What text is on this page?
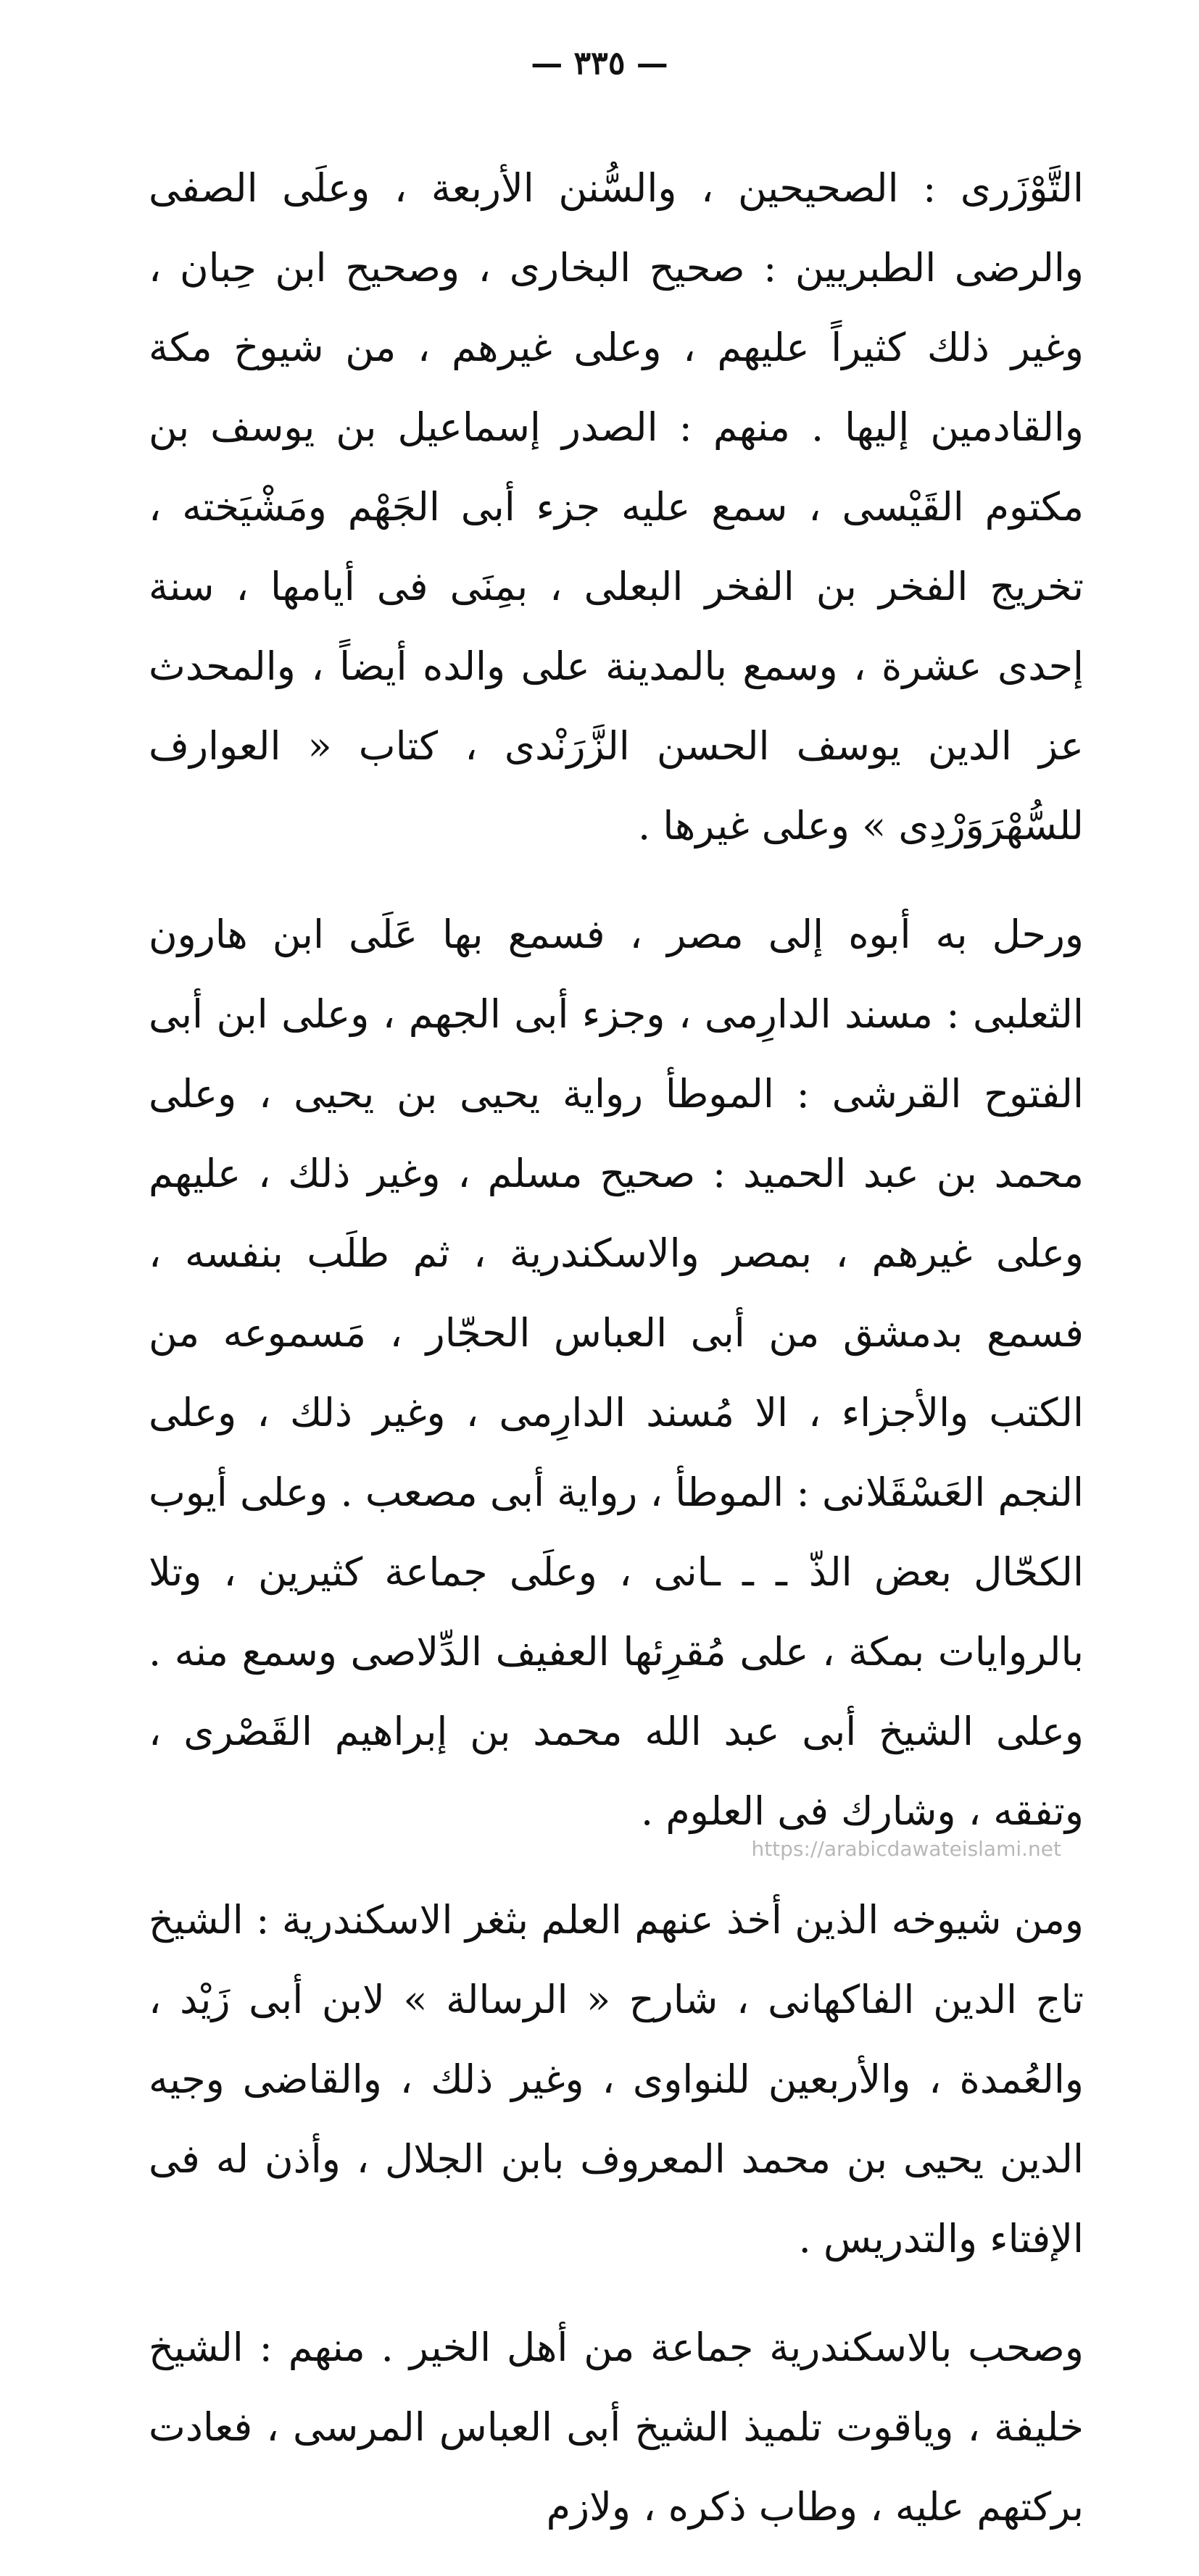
— ٣٣٥ —

التَّوْزَرى : الصحيحين ، والسُّنن الأربعة ، وعلَى الصفى والرضى الطبريين : صحيح البخارى ، وصحيح ابن حِبان ، وغير ذلك كثيراً عليهم ، وعلى غيرهم ، من شيوخ مكة والقادمين إليها . منهم : الصدر إسماعيل بن يوسف بن مكتوم القَيْسى ، سمع عليه جزء أبى الجَهْم ومَشْيَخته ، تخريج الفخر بن الفخر البعلى ، بمِنَى فى أيامها ، سنة إحدى عشرة ، وسمع بالمدينة على والده أيضاً ، والمحدث عز الدين يوسف الحسن الزَّرَنْدى ، كتاب « العوارف للسُّهْرَوَرْدِى » وعلى غيرها .

ورحل به أبوه إلى مصر ، فسمع بها عَلَى ابن هارون الثعلبى : مسند الدارِمى ، وجزء أبى الجهم ، وعلى ابن أبى الفتوح القرشى : الموطأ رواية يحيى بن يحيى ، وعلى محمد بن عبد الحميد : صحيح مسلم ، وغير ذلك ، عليهم وعلى غيرهم ، بمصر والاسكندرية ، ثم طلَب بنفسه ، فسمع بدمشق من أبى العباس الحجّار ، مَسموعه من الكتب والأجزاء ، الا مُسند الدارِمى ، وغير ذلك ، وعلى النجم العَسْقَلانى : الموطأ ، رواية أبى مصعب . وعلى أيوب الكحّال بعض الذّ ـ ـ ـانى ، وعلَى جماعة كثيرين ، وتلا بالروايات بمكة ، على مُقرِئها العفيف الدِّلاصى وسمع منه . وعلى الشيخ أبى عبد الله محمد بن إبراهيم القَصْرى ، وتفقه ، وشارك فى العلوم .

ومن شيوخه الذين أخذ عنهم العلم بثغر الاسكندرية : الشيخ تاج الدين الفاكهانى ، شارح « الرسالة » لابن أبى زَيْد ، والعُمدة ، والأربعين للنواوى ، وغير ذلك ، والقاضى وجيه الدين يحيى بن محمد المعروف بابن الجلال ، وأذن له فى الإفتاء والتدريس .

وصحب بالاسكندرية جماعة من أهل الخير . منهم : الشيخ خليفة ، وياقوت تلميذ الشيخ أبى العباس المرسى ، فعادت بركتهم عليه ، وطاب ذكره ، ولازم

https://arabicdawateislami.net
